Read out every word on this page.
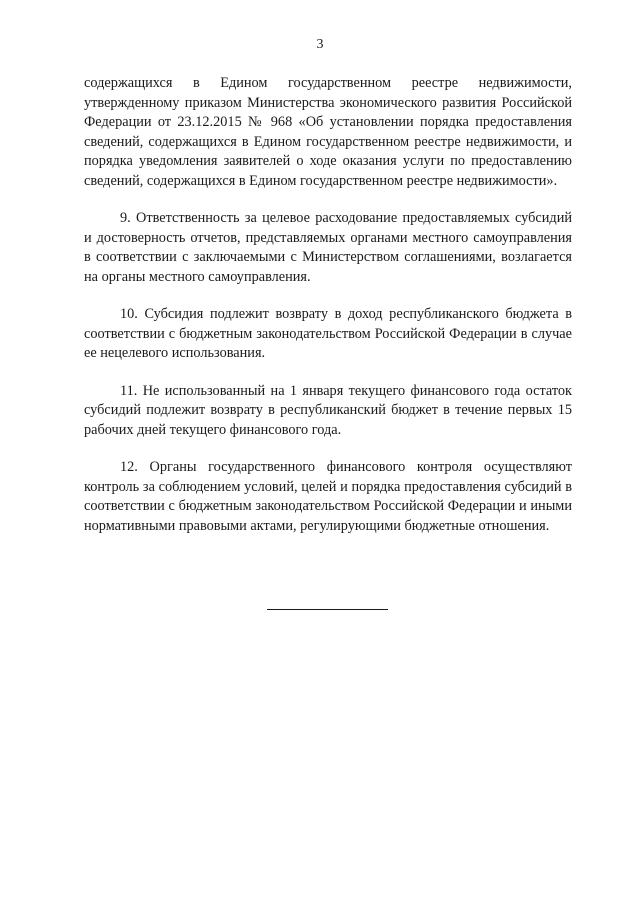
3

содержащихся в Едином государственном реестре недвижимости, утвержденному приказом Министерства экономического развития Российской Федерации от 23.12.2015 № 968 «Об установлении порядка предоставления сведений, содержащихся в Едином государственном реестре недвижимости, и порядка уведомления заявителей о ходе оказания услуги по предоставлению сведений, содержащихся в Едином государственном реестре недвижимости».

9. Ответственность за целевое расходование предоставляемых субсидий и достоверность отчетов, представляемых органами местного самоуправления в соответствии с заключаемыми с Министерством соглашениями, возлагается на органы местного самоуправления.

10. Субсидия подлежит возврату в доход республиканского бюджета в соответствии с бюджетным законодательством Российской Федерации в случае ее нецелевого использования.

11. Не использованный на 1 января текущего финансового года остаток субсидий подлежит возврату в республиканский бюджет в течение первых 15 рабочих дней текущего финансового года.

12. Органы государственного финансового контроля осуществляют контроль за соблюдением условий, целей и порядка предоставления субсидий в соответствии с бюджетным законодательством Российской Федерации и иными нормативными правовыми актами, регулирующими бюджетные отношения.
